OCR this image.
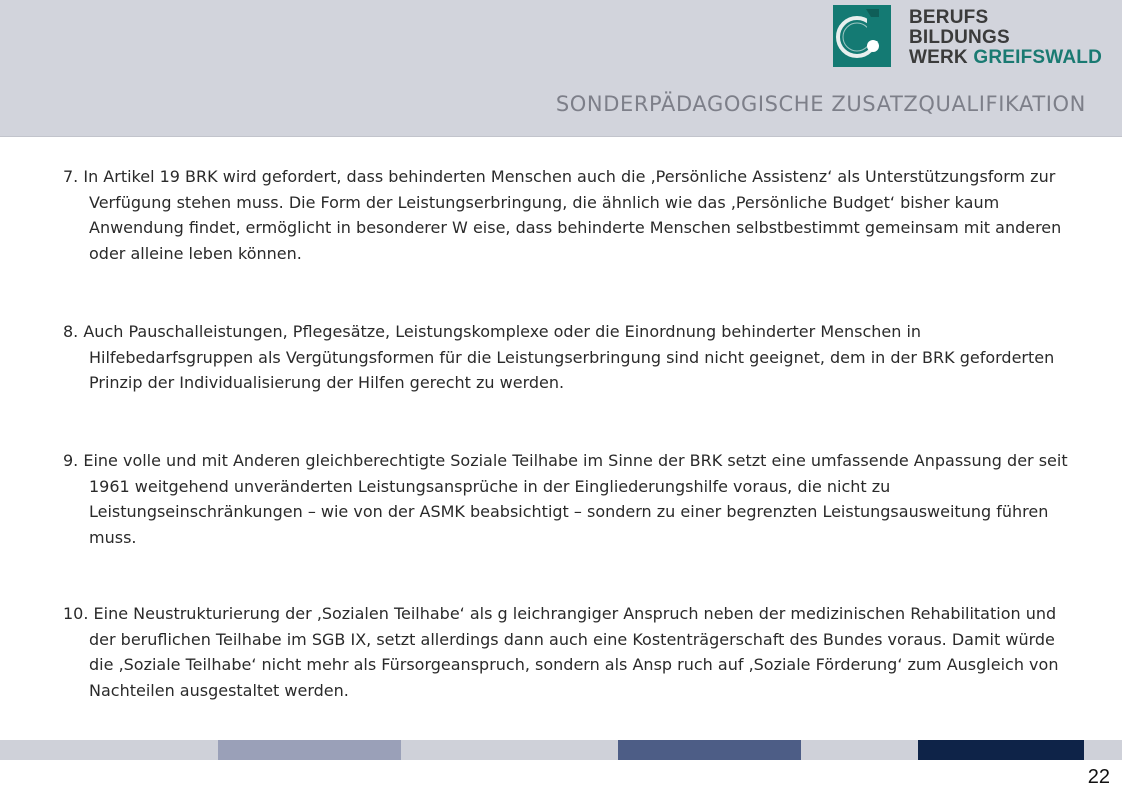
BERUFS
BILDUNGS
WERK GREIFSWALD
SONDERPÄDAGOGISCHE ZUSATZQUALIFIKATION

7. In Artikel 19 BRK wird gefordert, dass behinderten Menschen auch die ‚Persönliche Assistenz‘ als Unterstützungsform zur Verfügung stehen muss. Die Form der Leistungserbringung, die ähnlich wie das ‚Persönliche Budget‘ bisher kaum Anwendung findet, ermöglicht in besonderer W eise, dass behinderte Menschen selbstbestimmt gemeinsam mit anderen oder alleine leben können.

8. Auch Pauschalleistungen, Pflegesätze, Leistungskomplexe oder die Einordnung behinderter Menschen in Hilfebedarfsgruppen als Vergütungsformen für die Leistungserbringung sind nicht geeignet, dem in der BRK geforderten Prinzip der Individualisierung der Hilfen gerecht zu werden.

9. Eine volle und mit Anderen gleichberechtigte Soziale Teilhabe im Sinne der BRK setzt eine umfassende Anpassung der seit 1961 weitgehend unveränderten Leistungsansprüche in der Eingliederungshilfe voraus, die nicht zu Leistungseinschränkungen – wie von der ASMK beabsichtigt – sondern zu einer begrenzten Leistungsausweitung führen muss.

10. Eine Neustrukturierung der ‚Sozialen Teilhabe‘ als g leichrangiger Anspruch neben der medizinischen Rehabilitation und der beruflichen Teilhabe im SGB IX, setzt allerdings dann auch eine Kostenträgerschaft des Bundes voraus. Damit würde die ‚Soziale Teilhabe‘ nicht mehr als Fürsorgeanspruch, sondern als Ansp ruch auf ‚Soziale Förderung‘ zum Ausgleich von Nachteilen ausgestaltet werden.

22
